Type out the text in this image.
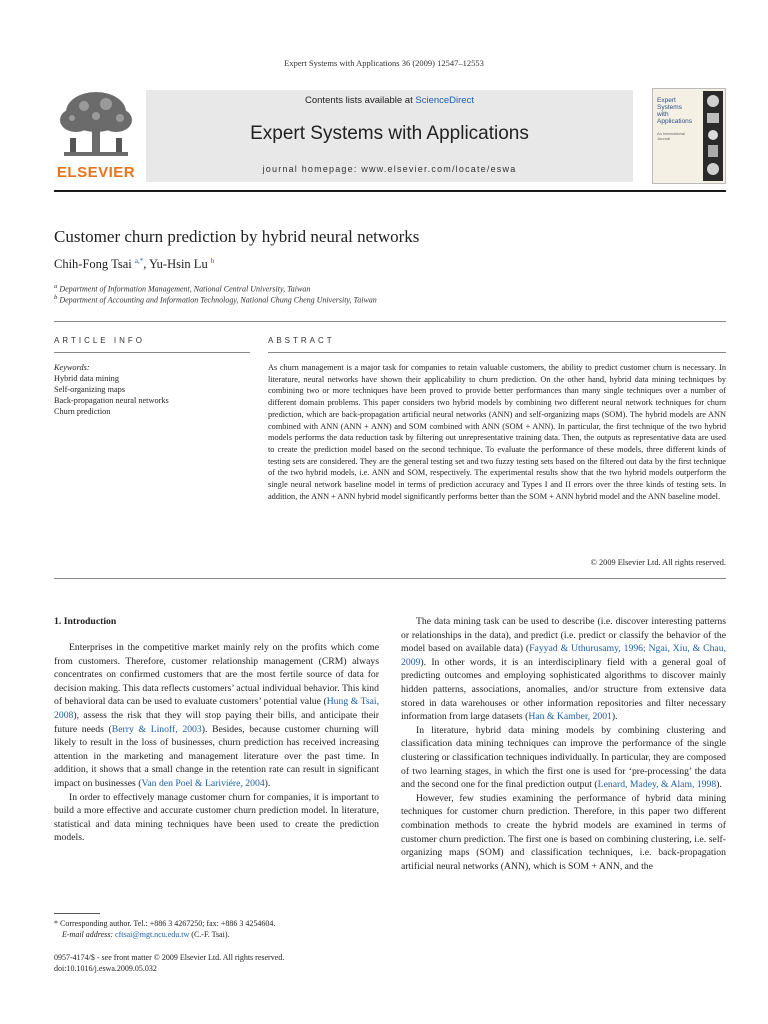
Expert Systems with Applications 36 (2009) 12547–12553
ELSEVIER
Contents lists available at ScienceDirect
Expert Systems with Applications
journal homepage: www.elsevier.com/locate/eswa
Expert
Systems
with
Applications
An International
Journal
Customer churn prediction by hybrid neural networks
Chih-Fong Tsai $^{a,*}$, Yu-Hsin Lu $^b$
$^a$ Department of Information Management, National Central University, Taiwan
$^b$ Department of Accounting and Information Technology, National Chung Cheng University, Taiwan
ARTICLE INFO	ABSTRACT
Keywords:
Hybrid data mining
Self-organizing maps
Back-propagation neural networks
Churn prediction
As churn management is a major task for companies to retain valuable customers, the ability to predict customer churn is necessary. In literature, neural networks have shown their applicability to churn prediction. On the other hand, hybrid data mining techniques by combining two or more techniques have been proved to provide better performances than many single techniques over a number of different domain problems. This paper considers two hybrid models by combining two different neural network techniques for churn prediction, which are back-propagation artificial neural networks (ANN) and self-organizing maps (SOM). The hybrid models are ANN combined with ANN (ANN + ANN) and SOM combined with ANN (SOM + ANN). In particular, the first technique of the two hybrid models performs the data reduction task by filtering out unrepresentative training data. Then, the outputs as representative data are used to create the prediction model based on the second technique. To evaluate the performance of these models, three different kinds of testing sets are considered. They are the general testing set and two fuzzy testing sets based on the filtered out data by the first technique of the two hybrid models, i.e. ANN and SOM, respectively. The experimental results show that the two hybrid models outperform the single neural network baseline model in terms of prediction accuracy and Types I and II errors over the three kinds of testing sets. In addition, the ANN + ANN hybrid model significantly performs better than the SOM + ANN hybrid model and the ANN baseline model.
© 2009 Elsevier Ltd. All rights reserved.
1. Introduction

Enterprises in the competitive market mainly rely on the profits which come from customers. Therefore, customer relationship management (CRM) always concentrates on confirmed customers that are the most fertile source of data for decision making. This data reflects customers’ actual individual behavior. This kind of behavioral data can be used to evaluate customers’ potential value (Hung & Tsai, 2008), assess the risk that they will stop paying their bills, and anticipate their future needs (Berry & Linoff, 2003). Besides, because customer churning will likely to result in the loss of businesses, churn prediction has received increasing attention in the marketing and management literature over the past time. In addition, it shows that a small change in the retention rate can result in significant impact on businesses (Van den Poel & Lariviére, 2004).

In order to effectively manage customer churn for companies, it is important to build a more effective and accurate customer churn prediction model. In literature, statistical and data mining techniques have been used to create the prediction models.

The data mining task can be used to describe (i.e. discover interesting patterns or relationships in the data), and predict (i.e. predict or classify the behavior of the model based on available data) (Fayyad & Uthurusamy, 1996; Ngai, Xiu, & Chau, 2009). In other words, it is an interdisciplinary field with a general goal of predicting outcomes and employing sophisticated algorithms to discover mainly hidden patterns, associations, anomalies, and/or structure from extensive data stored in data warehouses or other information repositories and filter necessary information from large datasets (Han & Kamber, 2001).

In literature, hybrid data mining models by combining clustering and classification data mining techniques can improve the performance of the single clustering or classification techniques individually. In particular, they are composed of two learning stages, in which the first one is used for ‘pre-processing’ the data and the second one for the final prediction output (Lenard, Madey, & Alam, 1998).

However, few studies examining the performance of hybrid data mining techniques for customer churn prediction. Therefore, in this paper two different combination methods to create the hybrid models are examined in terms of customer churn prediction. The first one is based on combining clustering, i.e. self-organizing maps (SOM) and classification techniques, i.e. back-propagation artificial neural networks (ANN), which is SOM + ANN, and the

* Corresponding author. Tel.: +886 3 4267250; fax: +886 3 4254604.
E-mail address: cftsai@mgt.ncu.edu.tw (C.-F. Tsai).
0957-4174/$ - see front matter © 2009 Elsevier Ltd. All rights reserved.
doi:10.1016/j.eswa.2009.05.032
